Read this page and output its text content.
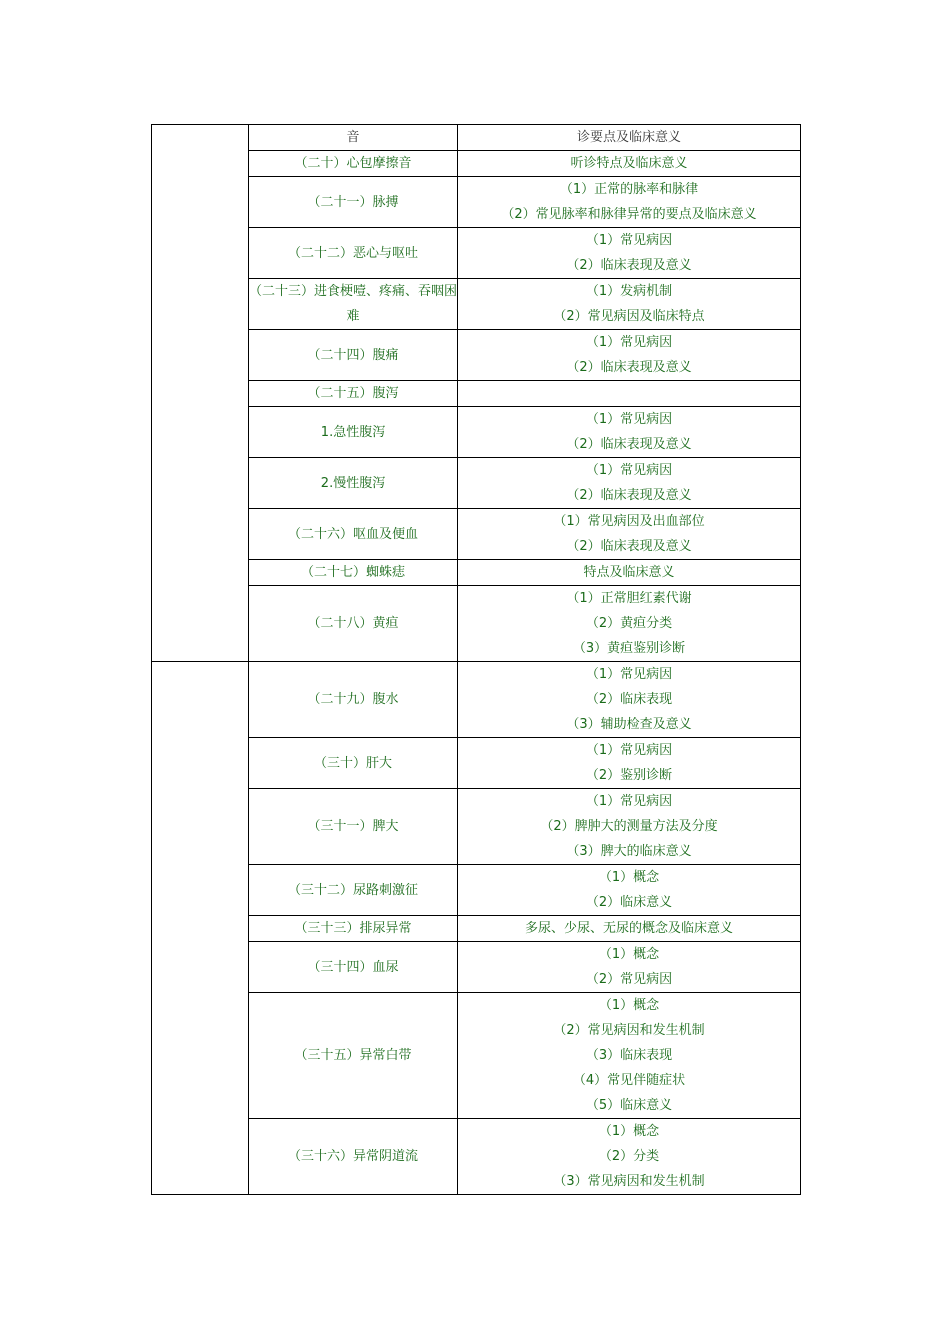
	音	诊要点及临床意义

	（二十）心包摩擦音	听诊特点及临床意义

	（二十一）脉搏	（1）正常的脉率和脉律
（2）常见脉率和脉律异常的要点及临床意义

	（二十二）恶心与呕吐	（1）常见病因
（2）临床表现及意义

	（二十三）进食梗噎、疼痛、吞咽困难	（1）发病机制
（2）常见病因及临床特点

	（二十四）腹痛	（1）常见病因
（2）临床表现及意义

	（二十五）腹泻	

	1.急性腹泻	（1）常见病因
（2）临床表现及意义

	2.慢性腹泻	（1）常见病因
（2）临床表现及意义

	（二十六）呕血及便血	（1）常见病因及出血部位
（2）临床表现及意义

	（二十七）蜘蛛痣	特点及临床意义

	（二十八）黄疸	（1）正常胆红素代谢
（2）黄疸分类
（3）黄疸鉴别诊断

	（二十九）腹水	（1）常见病因
（2）临床表现
（3）辅助检查及意义

	（三十）肝大	（1）常见病因
（2）鉴别诊断

	（三十一）脾大	（1）常见病因
（2）脾肿大的测量方法及分度
（3）脾大的临床意义

	（三十二）尿路刺激征	（1）概念
（2）临床意义

	（三十三）排尿异常	多尿、少尿、无尿的概念及临床意义

	（三十四）血尿	（1）概念
（2）常见病因

	（三十五）异常白带	（1）概念
（2）常见病因和发生机制
（3）临床表现
（4）常见伴随症状
（5）临床意义

	（三十六）异常阴道流	（1）概念
（2）分类
（3）常见病因和发生机制
